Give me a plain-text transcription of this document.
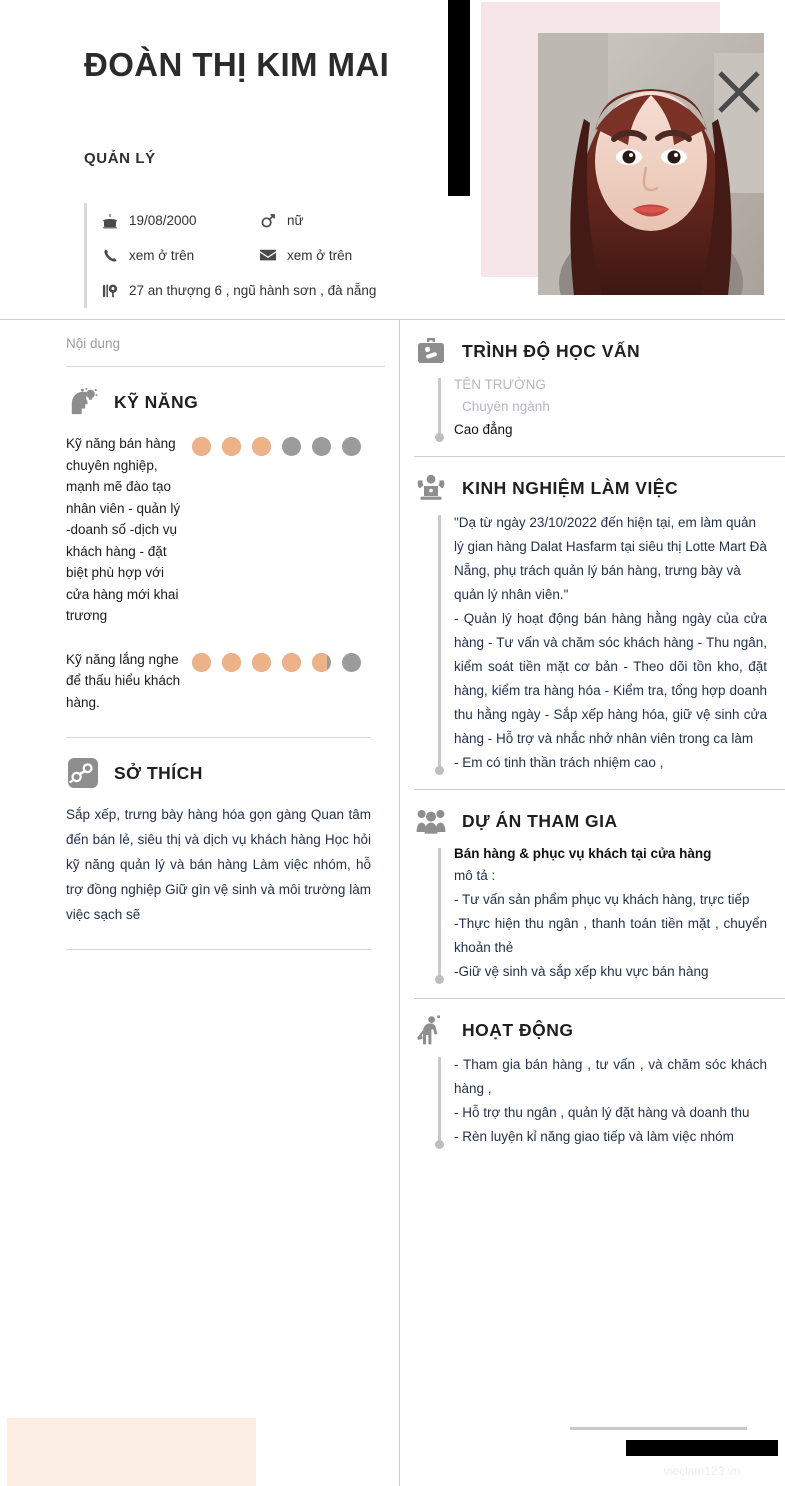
ĐOÀN THỊ KIM MAI
QUẢN LÝ
19/08/2000	nữ
xem ở trên	xem ở trên
27 an thượng 6 , ngũ hành sơn , đà nẵng
Nội dung
KỸ NĂNG
Kỹ năng bán hàng chuyên nghiệp, mạnh mẽ đào tạo nhân viên - quản lý -doanh số -dịch vụ khách hàng - đặt biệt phù hợp với cửa hàng mới khai trương
Kỹ năng lắng nghe để thấu hiểu khách hàng.
SỞ THÍCH
Sắp xếp, trưng bày hàng hóa gọn gàng Quan tâm đến bán lẻ, siêu thị và dịch vụ khách hàng Học hỏi kỹ năng quản lý và bán hàng Làm việc nhóm, hỗ trợ đồng nghiệp Giữ gìn vệ sinh và môi trường làm việc sạch sẽ
TRÌNH ĐỘ HỌC VẤN
TÊN TRƯỜNG
Chuyên ngành
Cao đẳng
KINH NGHIỆM LÀM VIỆC
"Dạ từ ngày 23/10/2022 đến hiện tại, em làm quản lý gian hàng Dalat Hasfarm tại siêu thị Lotte Mart Đà Nẵng, phụ trách quản lý bán hàng, trưng bày và quản lý nhân viên."
- Quản lý hoạt động bán hàng hằng ngày của cửa hàng - Tư vấn và chăm sóc khách hàng - Thu ngân, kiểm soát tiền mặt cơ bản - Theo dõi tồn kho, đặt hàng, kiểm tra hàng hóa - Kiểm tra, tổng hợp doanh thu hằng ngày - Sắp xếp hàng hóa, giữ vệ sinh cửa hàng - Hỗ trợ và nhắc nhở nhân viên trong ca làm
- Em có tinh thần trách nhiệm cao ,
DỰ ÁN THAM GIA
Bán hàng & phục vụ khách tại cửa hàng
mô tả :
- Tư vấn sản phẩm phục vụ khách hàng, trực tiếp
-Thực hiện thu ngân , thanh toán tiền mặt , chuyển khoản thẻ
-Giữ vệ sinh và sắp xếp khu vực bán hàng
HOẠT ĐỘNG
- Tham gia bán hàng , tư vấn , và chăm sóc khách hàng ,
- Hỗ trợ thu ngân , quản lý đặt hàng và doanh thu
- Rèn luyện kỉ năng giao tiếp và làm việc nhóm
vieclam123.vn
